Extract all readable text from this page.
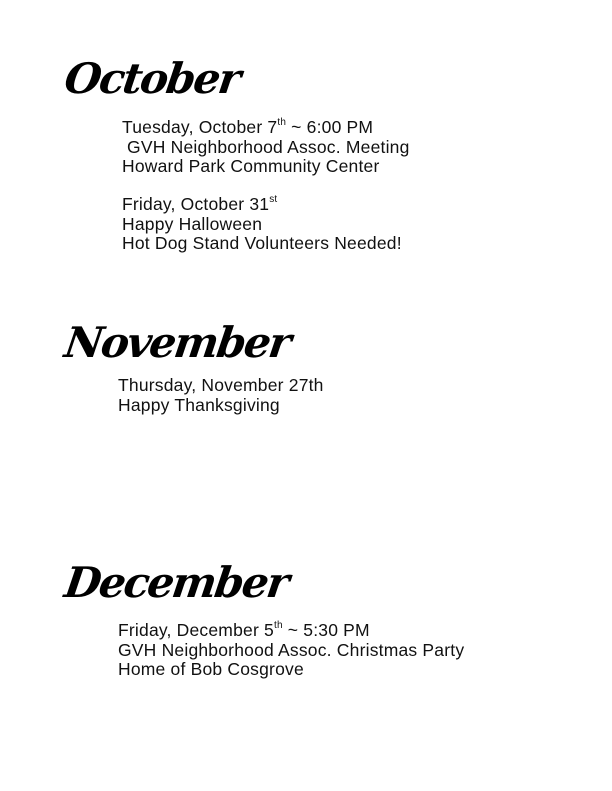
October
Tuesday, October 7th ~ 6:00 PM
GVH Neighborhood Assoc. Meeting
Howard Park Community Center
Friday, October 31st
Happy Halloween
Hot Dog Stand Volunteers Needed!
November
Thursday, November 27th
Happy Thanksgiving
December
Friday, December 5th ~ 5:30 PM
GVH Neighborhood Assoc. Christmas Party
Home of Bob Cosgrove
